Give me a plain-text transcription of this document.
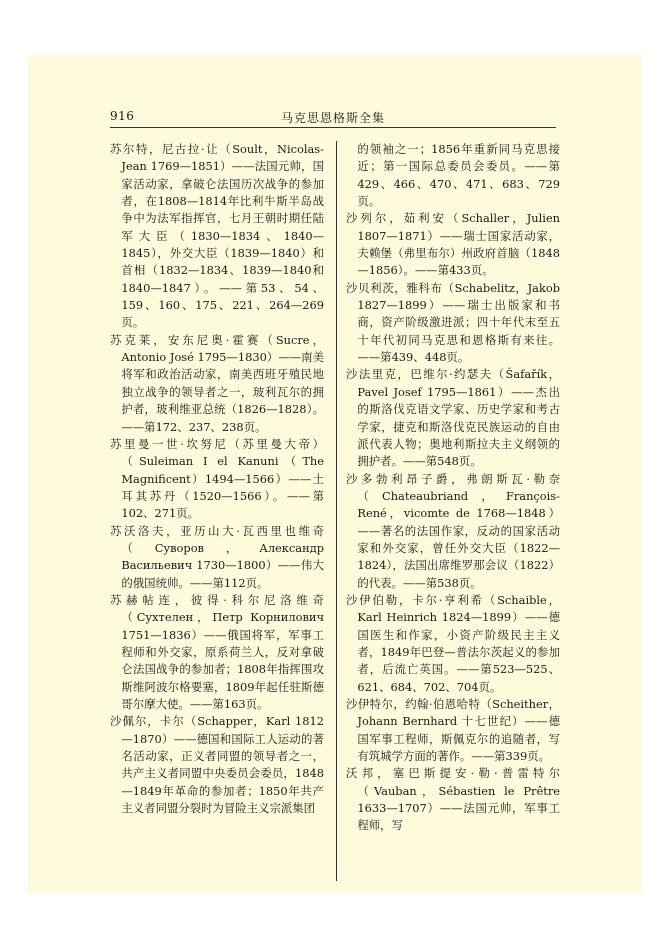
916	马克思恩格斯全集

苏尔特，尼古拉·让（Soult，Nicolas-Jean 1769—1851）——法国元帅，国家活动家，拿破仑法国历次战争的参加者，在1808—1814年比利牛斯半岛战争中为法军指挥官，七月王朝时期任陆军大臣（1830—1834、1840—1845），外交大臣（1839—1840）和首相（1832—1834、1839—1840和1840—1847）。——第53、54、159、160、175、221、264—269页。

苏克莱，安东尼奥·霍赛（Sucre，Antonio José 1795—1830）——南美将军和政治活动家，南美西班牙殖民地独立战争的领导者之一，玻利瓦尔的拥护者，玻利维亚总统（1826—1828）。——第172、237、238页。

苏里曼一世·坎努尼（苏里曼大帝）（Suleiman I el Kanuni（The Magnificent）1494—1566）——土耳其苏丹（1520—1566）。——第102、271页。

苏沃洛夫，亚历山大·瓦西里也维奇（Суворов，Александр Васильевич 1730—1800）——伟大的俄国统帅。——第112页。

苏赫帖连，彼得·科尔尼洛维奇（Сухтелен，Петр Корнилович 1751—1836）——俄国将军，军事工程师和外交家，原系荷兰人，反对拿破仑法国战争的参加者；1808年指挥围攻斯维阿波尔格要塞，1809年起任驻斯德哥尔摩大使。——第163页。

沙佩尔，卡尔（Schapper，Karl 1812—1870）——德国和国际工人运动的著名活动家，正义者同盟的领导者之一，共产主义者同盟中央委员会委员，1848—1849年革命的参加者；1850年共产主义者同盟分裂时为冒险主义宗派集团

的领袖之一；1856年重新同马克思接近；第一国际总委员会委员。——第429、466、470、471、683、729页。

沙列尔，茹利安（Schaller，Julien 1807—1871）——瑞士国家活动家，夫赖堡（弗里布尔）州政府首脑（1848—1856）。——第433页。

沙贝利茨，雅科布（Schabelitz，Jakob 1827—1899）——瑞士出版家和书商，资产阶级激进派；四十年代末至五十年代初同马克思和恩格斯有来往。——第439、448页。

沙法里克，巴维尔·约瑟夫（Šafařík，Pavel Josef 1795—1861）——杰出的斯洛伐克语文学家、历史学家和考古学家，捷克和斯洛伐克民族运动的自由派代表人物；奥地利斯拉夫主义纲领的拥护者。——第548页。

沙多勃利昂子爵，弗朗斯瓦·勒奈（Chateaubriand，François-René，vicomte de 1768—1848）——著名的法国作家，反动的国家活动家和外交家，曾任外交大臣（1822—1824），法国出席维罗那会议（1822）的代表。——第538页。

沙伊伯勒，卡尔·亨利希（Schaible，Karl Heinrich 1824—1899）——德国医生和作家，小资产阶级民主主义者，1849年巴登—普法尔茨起义的参加者，后流亡英国。——第523—525、621、684、702、704页。

沙伊特尔，约翰·伯恩哈特（Scheither，Johann Bernhard 十七世纪）——德国军事工程师，斯佩克尔的追随者，写有筑城学方面的著作。——第339页。

沃邦，塞巴斯提安·勒·普雷特尔（Vauban，Sébastien le Prêtre 1633—1707）——法国元帅，军事工程师，写
